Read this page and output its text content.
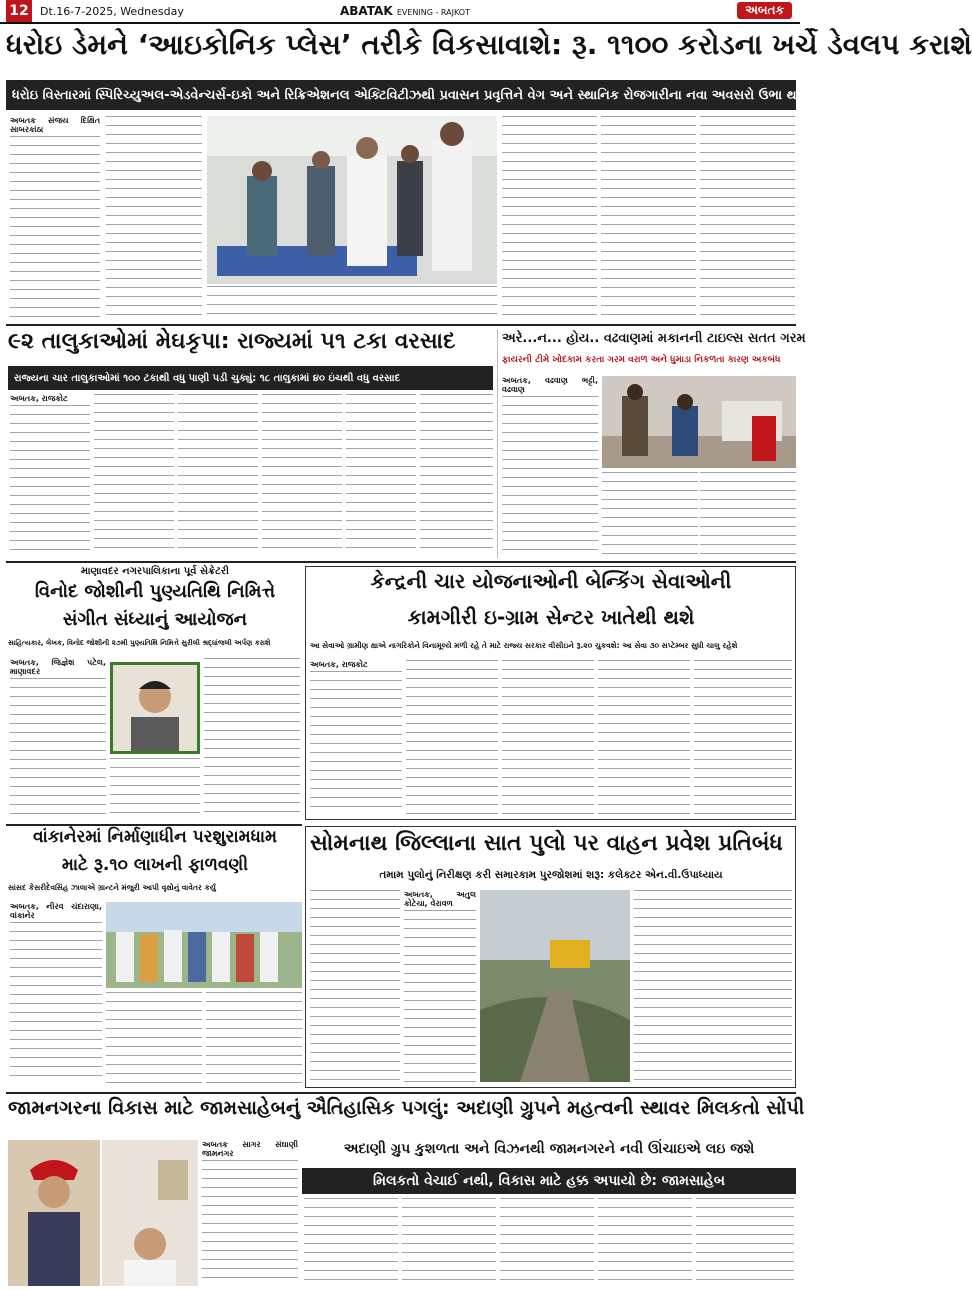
12 Dt.16-7-2025, Wednesday	ABATAK EVENING - RAJKOT	અબતક
ધરોઇ ડેમને ‘આઇકોનિક પ્લેસ’ તરીકે વિકસાવાશે: રૂ. ૧૧૦૦ કરોડના ખર્ચે ડેવલપ કરાશે
ધરોઇ વિસ્તારમાં સ્પિરિચ્યુઅલ-એડવેન્ચર્સ-ઇકો અને રિક્રિએશનલ એક્ટિવિટીઝથી પ્રવાસન પ્રવૃત્તિને વેગ અને સ્થાનિક રોજગારીના નવા અવસરો ઉભા થશે
અબતક સંજય દિક્ષિત સાબરકાંઠા
૯૨ તાલુકાઓમાં મેઘકૃપા: રાજ્યમાં ૫૧ ટકા વરસાદ
રાજ્યના ચાર તાલુકાઓમાં ૧૦૦ ટકાથી વધુ પાણી પડી ચુક્યું: ૧૮ તાલુકામાં ૪૦ ઇંચથી વધુ વરસાદ
અબતક, રાજકોટ
અરે...ન... હોય.. વઢવાણમાં મકાનની ટાઇલ્સ સતત ગરમ
ફાયરની ટીમે ખોદકામ કરતા ગરમ વરાળ અને ધુમાડા નિકળતા કારણ અકબંધ
અબતક, વઢવાણ ભટ્ટી, વઢવાણ
માણાવદર નગરપાલિકાના પૂર્વ સેક્રેટરી
વિનોદ જોશીની પુણ્યતિથિ નિમિત્તે
સંગીત સંધ્યાનું આયોજન
સાહિત્યકાર, લેખક, વિનોદ જોશીની ૨૭મી પુણ્યતિથિ નિમિત્તે સુરીલી શ્રદ્ધાંજલી અર્પણ કરાશે
અબતક, જિજ્ઞેશ પટેલ, માણાવદર
કેન્દ્રની ચાર યોજનાઓની બેન્કિંગ સેવાઓની
કામગીરી ઇ-ગ્રામ સેન્ટર ખાતેથી થશે
આ સેવાઓ ગ્રામીણ ક્ષાએ નાગરિકોને વિનામૂલ્યે મળી રહે તે માટે રાજ્ય સરકાર વીસીઇને રૂ.૨૦ ચુકવશે: આ સેવા ૩૦ સપ્ટેમ્બર સુધી ચાલુ રહેશે
અબતક, રાજકોટ
વાંકાનેરમાં નિર્માણાધીન પરશુરામધામ
માટે રૂ.૧૦ લાખની ફાળવણી
સાંસદ કેસરીદેવસિંહ ઝાલાએ ગ્રાન્ટને મંજુરી આપી વૃક્ષોનું વાવેતર કર્યુ
અબતક, નીરવ ચંદારાણા, વાંકાનેર
સોમનાથ જિલ્લાના સાત પુલો પર વાહન પ્રવેશ પ્રતિબંધ
તમામ પુલોનું નિરીક્ષણ કરી સમારકામ પુરજોશમાં શરૂ: કલેક્ટર એન.વી.ઉપાધ્યાય
અબતક, અતુલ કોટેચા, વેરાવળ
જામનગરના વિકાસ માટે જામસાહેબનું ઐતિહાસિક પગલું: અદાણી ગ્રુપને મહત્વની સ્થાવર મિલકતો સોંપી
અબતક સાગર સંઘાણી જામનગર	અદાણી ગ્રુપ કુશળતા અને વિઝનથી જામનગરને નવી ઊંચાઇએ લઇ જશે
મિલકતો વેચાઈ નથી, વિકાસ માટે હક્ક અપાયો છે: જામસાહેબ
